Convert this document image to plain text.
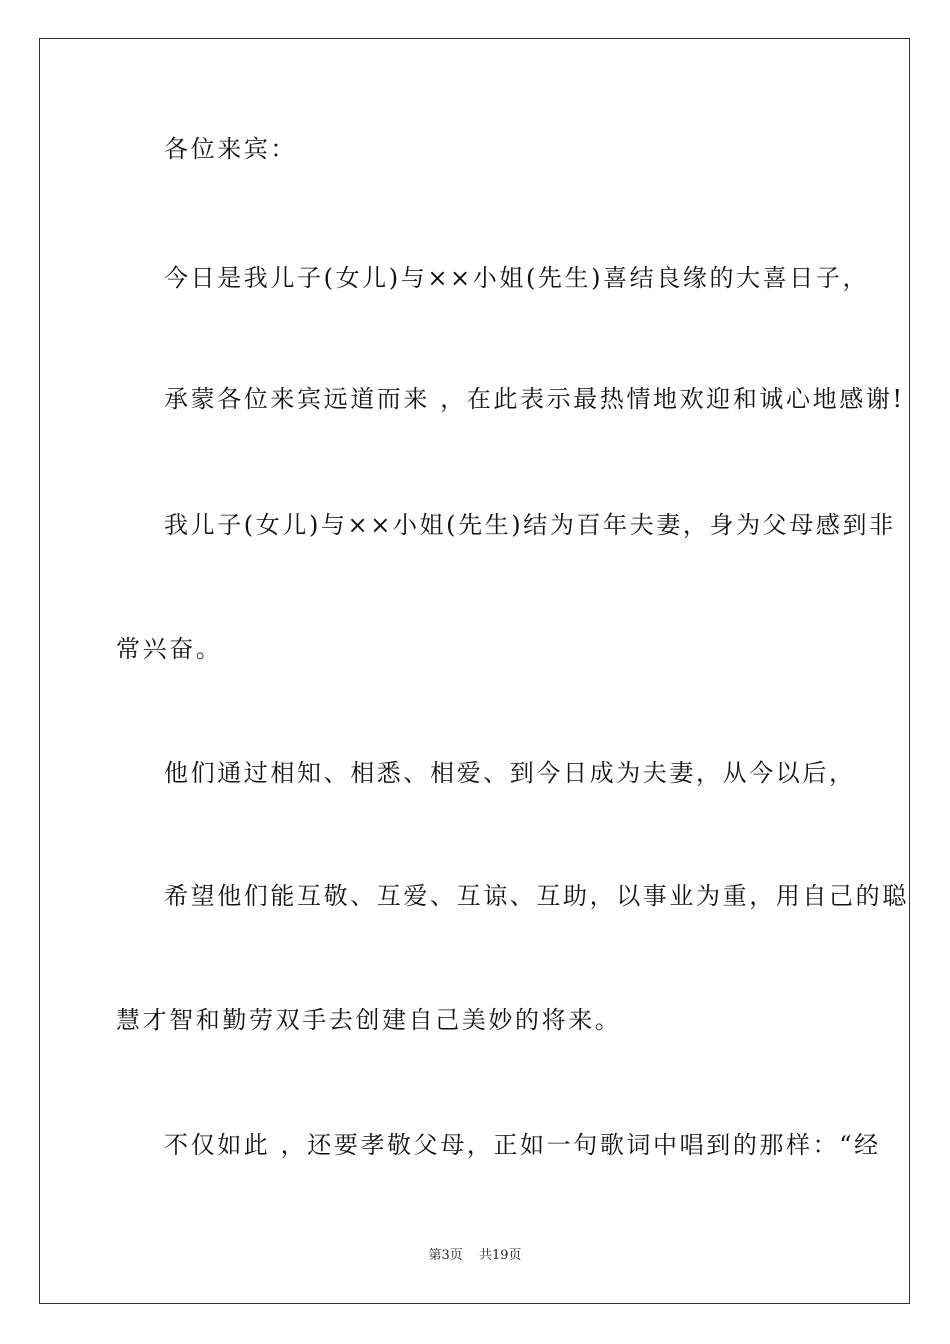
各位来宾：
今日是我儿子(女儿)与××小姐(先生)喜结良缘的大喜日子，
承蒙各位来宾远道而来 ，在此表示最热情地欢迎和诚心地感谢!
我儿子(女儿)与××小姐(先生)结为百年夫妻，身为父母感到非
常兴奋。
他们通过相知、相悉、相爱、到今日成为夫妻，从今以后，
希望他们能互敬、互爱、互谅、互助，以事业为重，用自己的聪
慧才智和勤劳双手去创建自己美妙的将来。
不仅如此 ，还要孝敬父母，正如一句歌词中唱到的那样：“经
第3页 共19页
